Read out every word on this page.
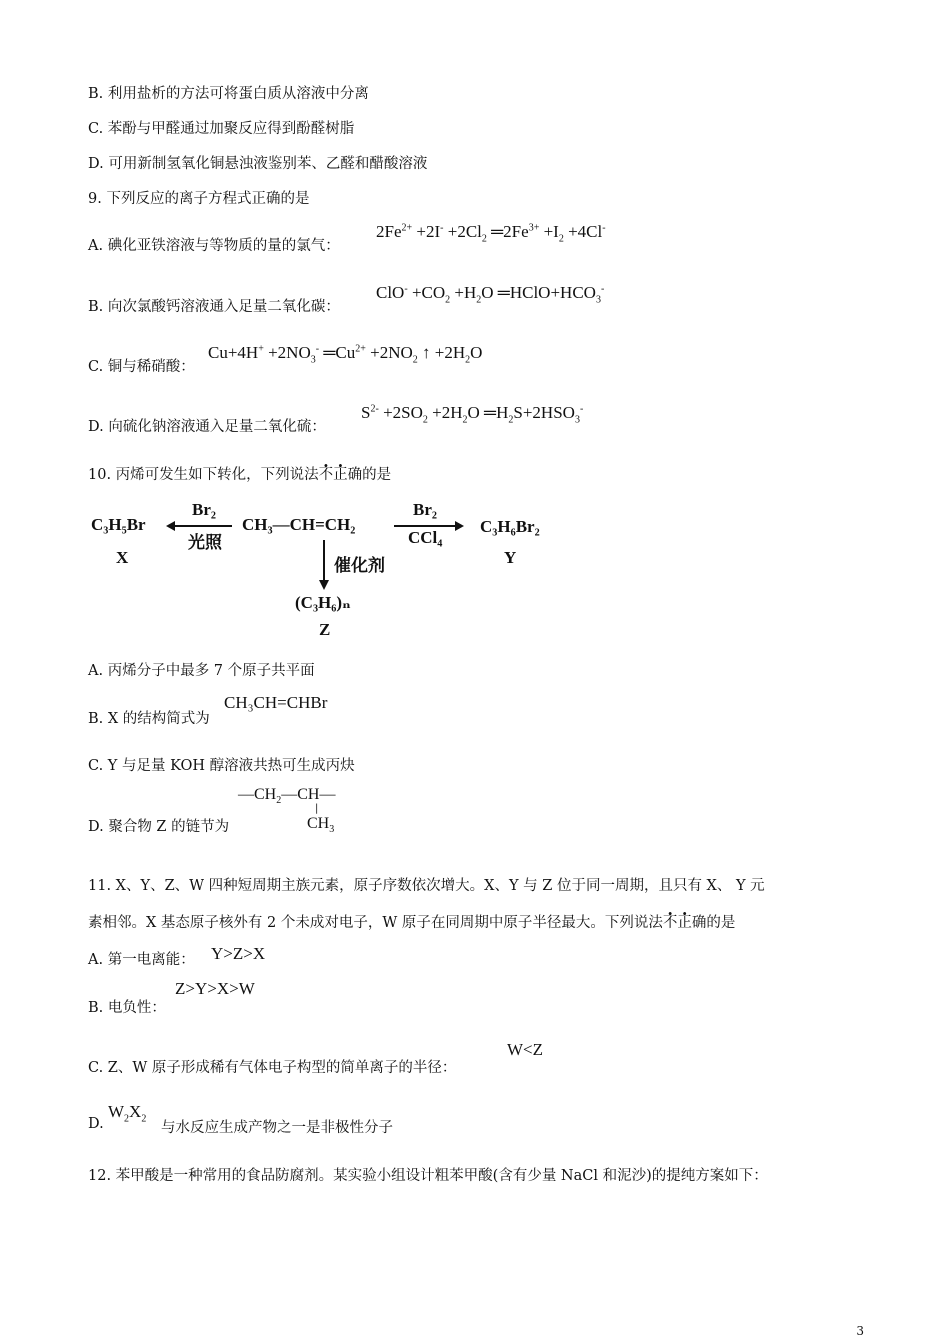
B. 利用盐析的方法可将蛋白质从溶液中分离
C. 苯酚与甲醛通过加聚反应得到酚醛树脂
D. 可用新制氢氧化铜悬浊液鉴别苯、乙醛和醋酸溶液
9. 下列反应的离子方程式正确的是
A. 碘化亚铁溶液与等物质的量的氯气：
$2Fe^{2+} +2I^- +2Cl_2$ $═2Fe^{3+} +I_2 +4Cl^-$
B. 向次氯酸钙溶液通入足量二氧化碳：
$ClO^- +CO_2 +H_2O$ $═HClO+HCO_3^-$
C. 铜与稀硝酸：
$Cu+4H^+ +2NO_3^-$ $═Cu^{2+} +2NO_2$ ↑ $+2H_2O$
D. 向硫化钠溶液通入足量二氧化硫：
$S^{2-} +2SO_2 +2H_2O$ $═H_2S+2HSO_3^-$
10. 丙烯可发生如下转化，下列说法不正确的是
C₃H₅Br
X
Br₂
光照
CH₃—CH=CH₂
Br₂
CCl₄
C₃H₆Br₂
Y
催化剂
(C₃H₆)ₙ
Z
A. 丙烯分子中最多 7 个原子共平面
B. X 的结构简式为
CH₃CH=CHBr
C. Y 与足量 KOH 醇溶液共热可生成丙炔
D. 聚合物 Z 的链节为
$—CH_2—CH—$
|
$CH_3$
11. X、Y、Z、W 四种短周期主族元素，原子序数依次增大。X、Y 与 Z 位于同一周期，且只有 X、 Y 元
素相邻。X 基态原子核外有 2 个未成对电子，W 原子在同周期中原子半径最大。下列说法不正确的是
A. 第一电离能： Y>Z>X
B. 电负性：
Z>Y>X>W
C. Z、W 原子形成稀有气体电子构型的简单离子的半径：
W<Z
D.
$W_2X_2$
与水反应生成产物之一是非极性分子
12. 苯甲酸是一种常用的食品防腐剂。某实验小组设计粗苯甲酸(含有少量 NaCl 和泥沙)的提纯方案如下：
3
